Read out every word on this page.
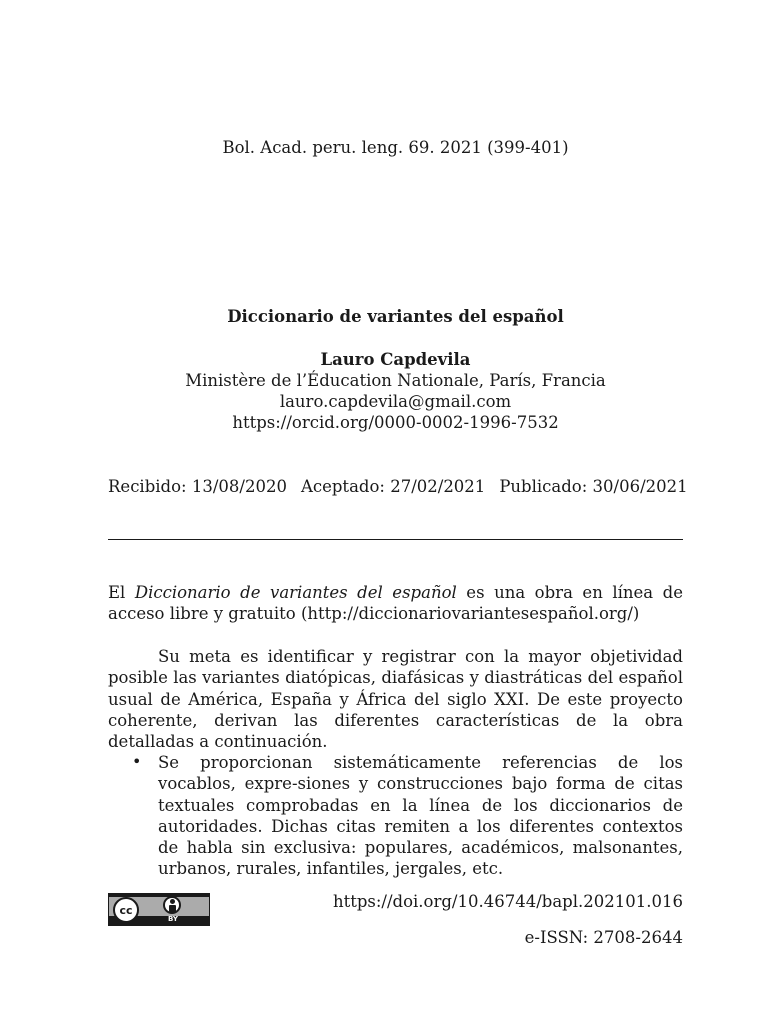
Bol. Acad. peru. leng. 69. 2021 (399-401)
Diccionario de variantes del español
Lauro Capdevila
Ministère de l’Éducation Nationale, París, Francia
lauro.capdevila@gmail.com
https://orcid.org/0000-0002-1996-7532
Recibido: 13/08/2020 Aceptado: 27/02/2021 Publicado: 30/06/2021
El Diccionario de variantes del español es una obra en línea de acceso libre y gratuito (http://diccionariovariantesespañol.org/)
Su meta es identificar y registrar con la mayor objetividad posible las variantes diatópicas, diafásicas y diastráticas del español usual de América, España y África del siglo XXI. De este proyecto coherente, derivan las diferentes características de la obra detalladas a continuación.
• Se proporcionan sistemáticamente referencias de los vocablos, expre-siones y construcciones bajo forma de citas textuales comprobadas en la línea de los diccionarios de autoridades. Dichas citas remiten a los diferentes contextos de habla sin exclusiva: populares, académicos, malsonantes, urbanos, rurales, infantiles, jergales, etc.
cc
BY
https://doi.org/10.46744/bapl.202101.016
e-ISSN: 2708-2644
